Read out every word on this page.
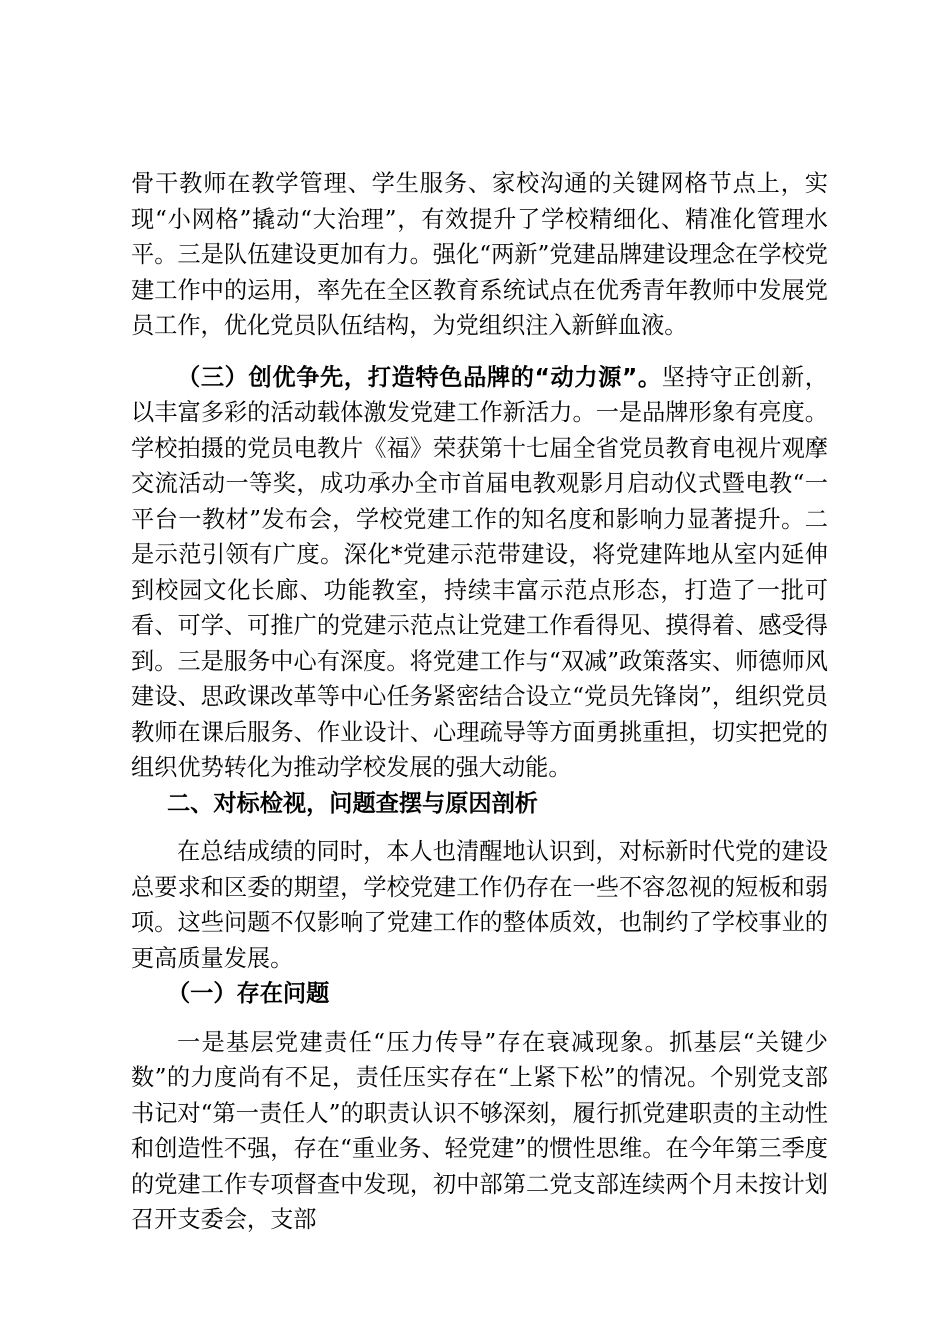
骨干教师在教学管理、学生服务、家校沟通的关键网格节点上，实现“小网格”撬动“大治理”，有效提升了学校精细化、精准化管理水平。三是队伍建设更加有力。强化“两新”党建品牌建设理念在学校党建工作中的运用，率先在全区教育系统试点在优秀青年教师中发展党员工作，优化党员队伍结构，为党组织注入新鲜血液。

（三）创优争先，打造特色品牌的“动力源”。坚持守正创新，以丰富多彩的活动载体激发党建工作新活力。一是品牌形象有亮度。学校拍摄的党员电教片《福》荣获第十七届全省党员教育电视片观摩交流活动一等奖，成功承办全市首届电教观影月启动仪式暨电教“一平台一教材”发布会，学校党建工作的知名度和影响力显著提升。二是示范引领有广度。深化*党建示范带建设，将党建阵地从室内延伸到校园文化长廊、功能教室，持续丰富示范点形态，打造了一批可看、可学、可推广的党建示范点让党建工作看得见、摸得着、感受得到。三是服务中心有深度。将党建工作与“双减”政策落实、师德师风建设、思政课改革等中心任务紧密结合设立“党员先锋岗”，组织党员教师在课后服务、作业设计、心理疏导等方面勇挑重担，切实把党的组织优势转化为推动学校发展的强大动能。

二、对标检视，问题查摆与原因剖析

在总结成绩的同时，本人也清醒地认识到，对标新时代党的建设总要求和区委的期望，学校党建工作仍存在一些不容忽视的短板和弱项。这些问题不仅影响了党建工作的整体质效，也制约了学校事业的更高质量发展。

（一）存在问题

一是基层党建责任“压力传导”存在衰减现象。抓基层“关键少数”的力度尚有不足，责任压实存在“上紧下松”的情况。个别党支部书记对“第一责任人”的职责认识不够深刻，履行抓党建职责的主动性和创造性不强，存在“重业务、轻党建”的惯性思维。在今年第三季度的党建工作专项督查中发现，初中部第二党支部连续两个月未按计划召开支委会，支部
